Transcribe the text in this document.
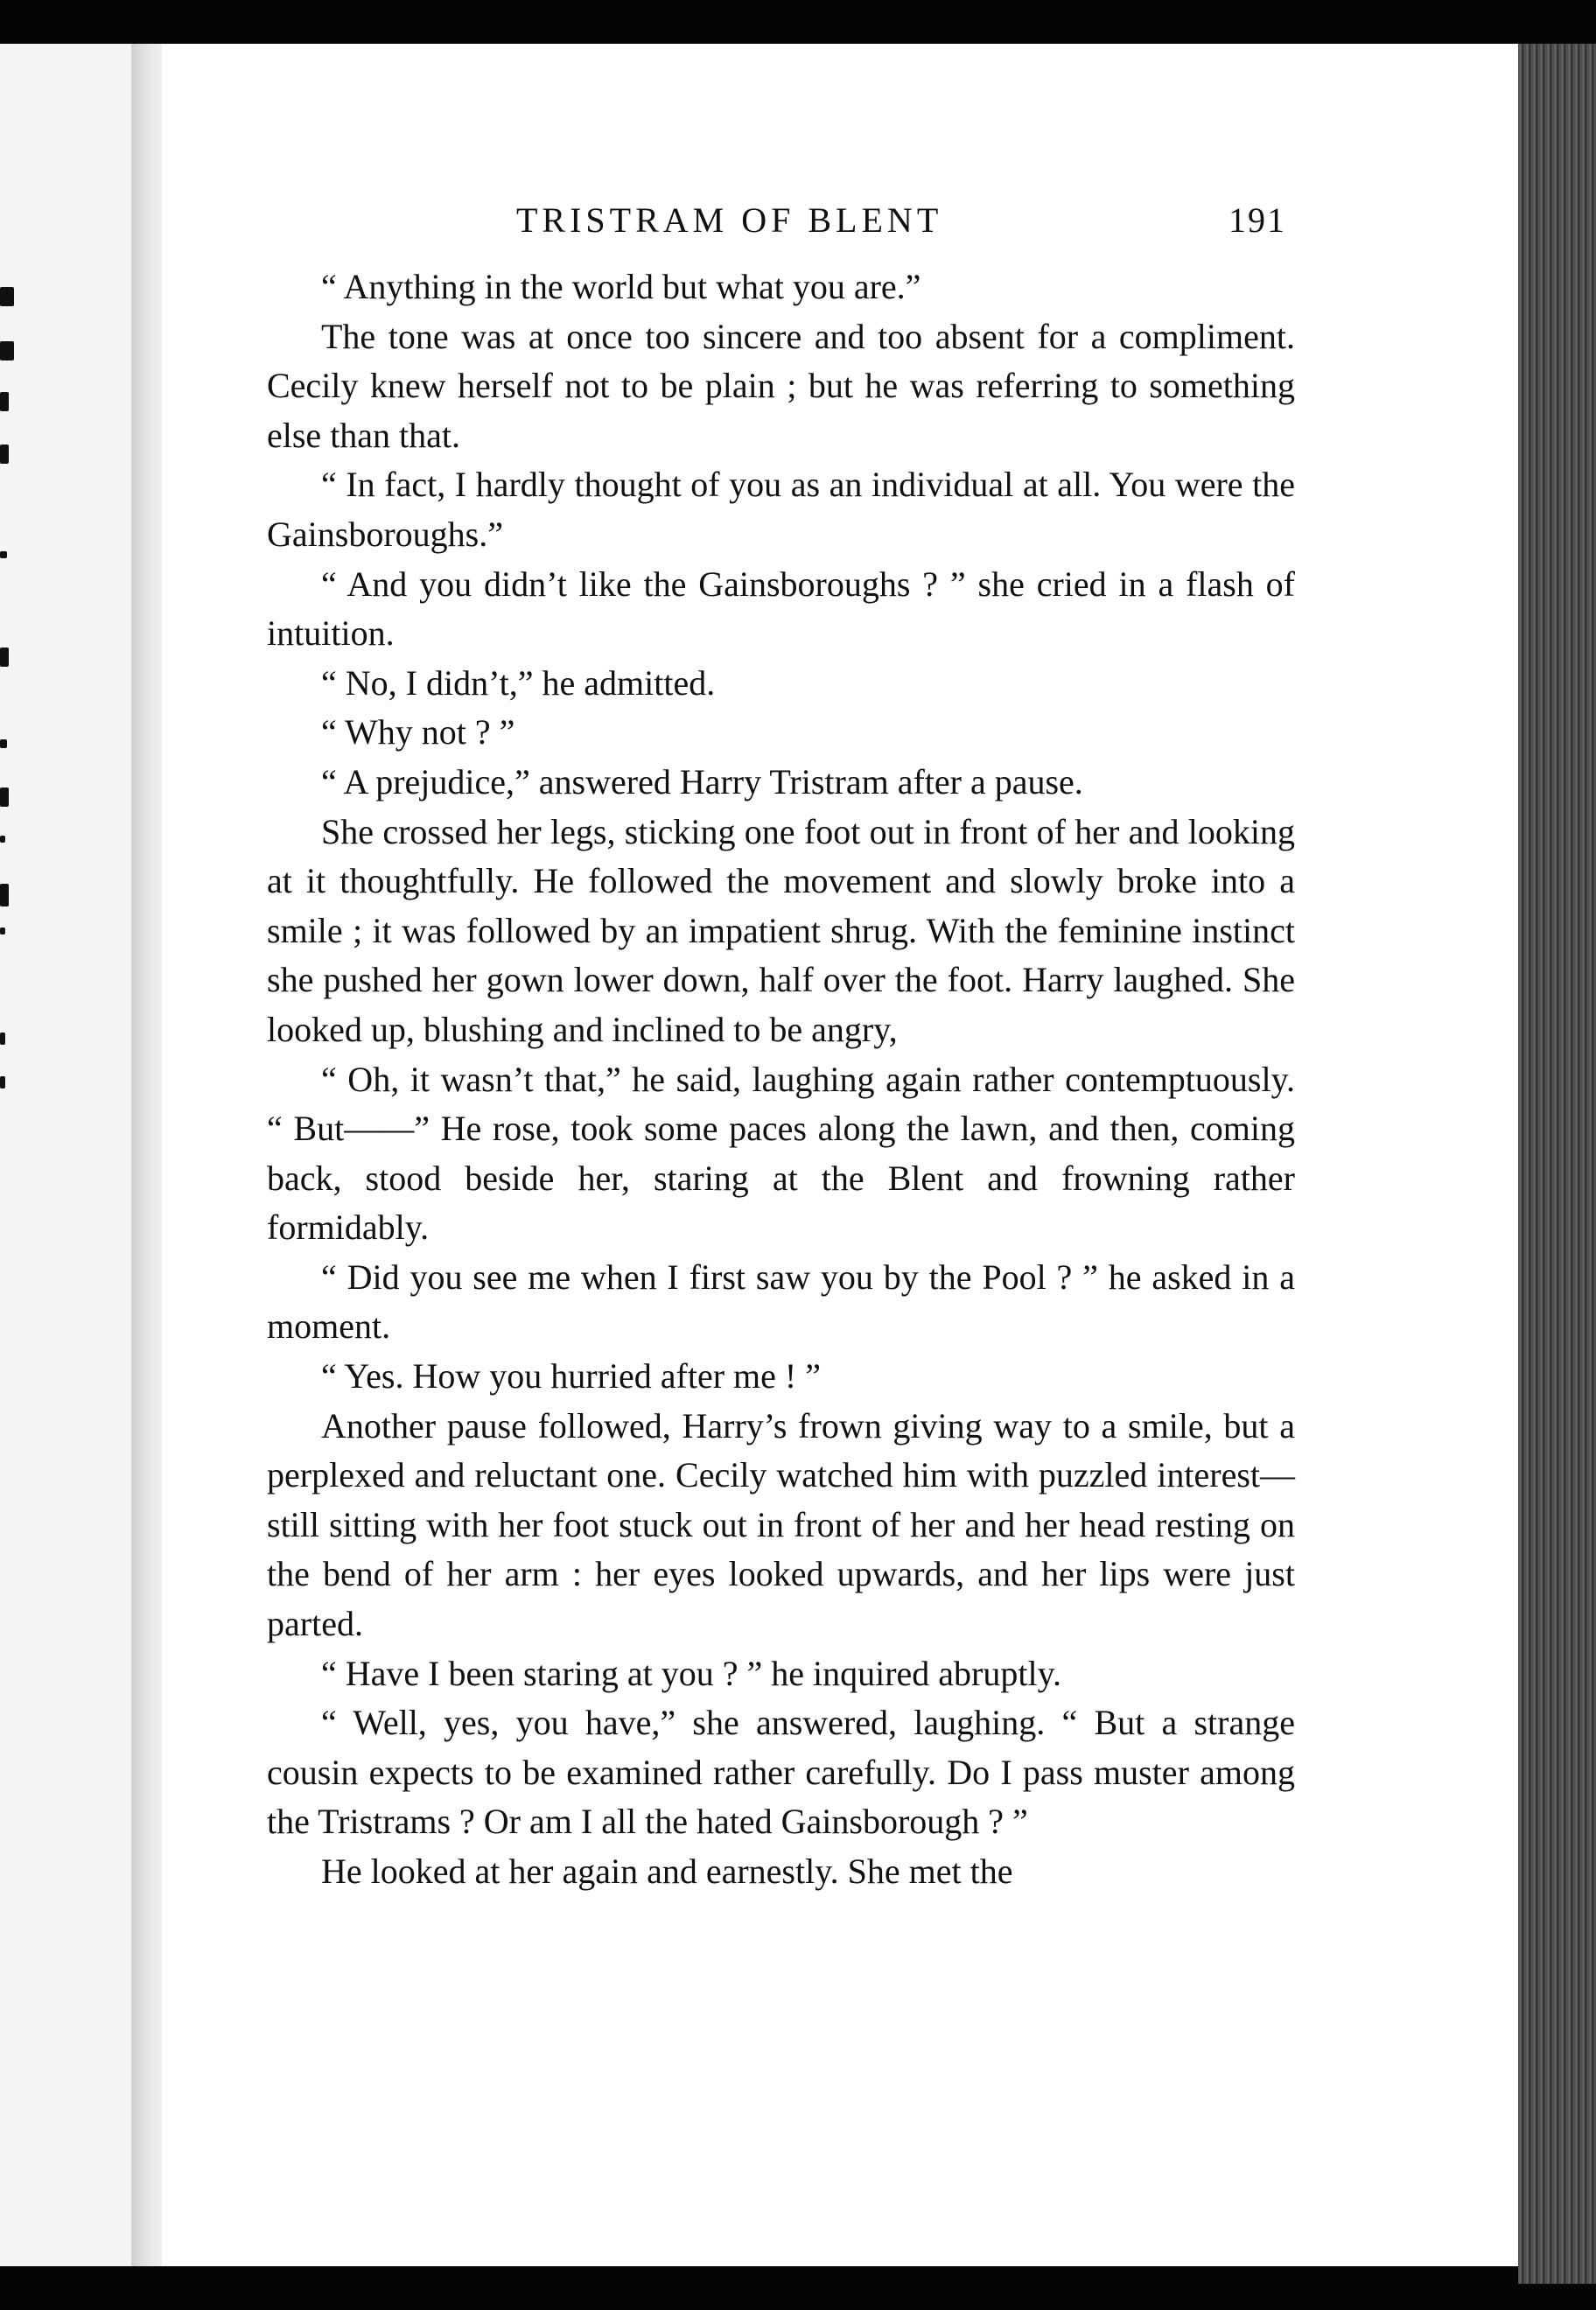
TRISTRAM OF BLENT	191

“ Anything in the world but what you are.”

The tone was at once too sincere and too absent for a compliment. Cecily knew herself not to be plain ; but he was referring to something else than that.

“ In fact, I hardly thought of you as an individual at all. You were the Gainsboroughs.”

“ And you didn’t like the Gainsboroughs ? ” she cried in a flash of intuition.

“ No, I didn’t,” he admitted.

“ Why not ? ”

“ A prejudice,” answered Harry Tristram after a pause.

She crossed her legs, sticking one foot out in front of her and looking at it thoughtfully. He followed the movement and slowly broke into a smile ; it was followed by an impatient shrug. With the feminine instinct she pushed her gown lower down, half over the foot. Harry laughed. She looked up, blushing and inclined to be angry,

“ Oh, it wasn’t that,” he said, laughing again rather contemptuously. “ But——” He rose, took some paces along the lawn, and then, coming back, stood beside her, staring at the Blent and frowning rather formidably.

“ Did you see me when I first saw you by the Pool ? ” he asked in a moment.

“ Yes. How you hurried after me ! ”

Another pause followed, Harry’s frown giving way to a smile, but a perplexed and reluctant one. Cecily watched him with puzzled interest—still sitting with her foot stuck out in front of her and her head resting on the bend of her arm : her eyes looked upwards, and her lips were just parted.

“ Have I been staring at you ? ” he inquired abruptly.

“ Well, yes, you have,” she answered, laughing. “ But a strange cousin expects to be examined rather carefully. Do I pass muster among the Tristrams ? Or am I all the hated Gainsborough ? ”

He looked at her again and earnestly. She met the
